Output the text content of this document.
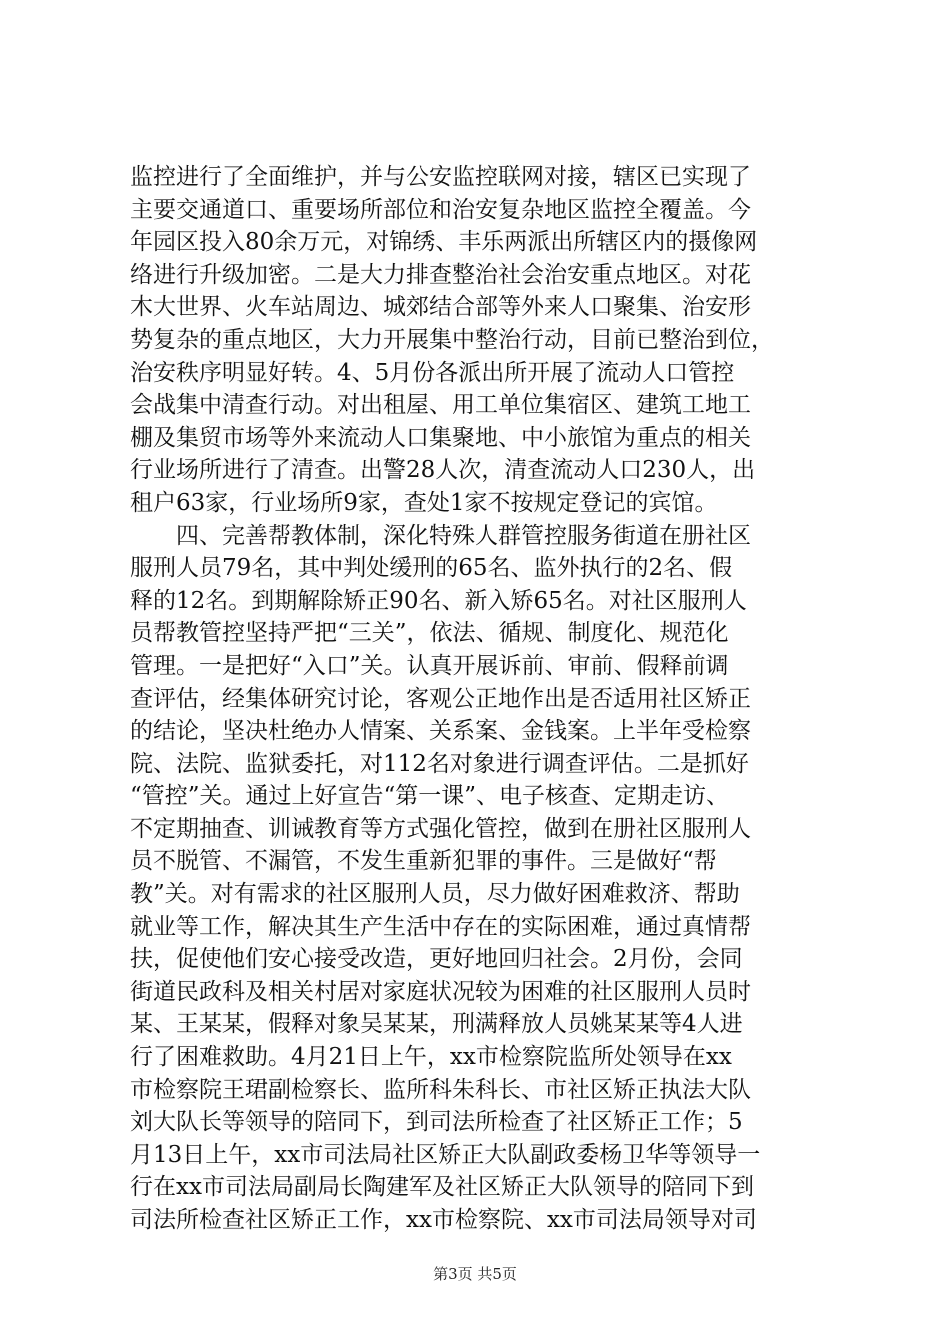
监控进行了全面维护，并与公安监控联网对接，辖区已实现了
主要交通道口、重要场所部位和治安复杂地区监控全覆盖。今
年园区投入80余万元，对锦绣、丰乐两派出所辖区内的摄像网
络进行升级加密。二是大力排查整治社会治安重点地区。对花
木大世界、火车站周边、城郊结合部等外来人口聚集、治安形
势复杂的重点地区，大力开展集中整治行动，目前已整治到位，
治安秩序明显好转。4、5月份各派出所开展了流动人口管控
会战集中清查行动。对出租屋、用工单位集宿区、建筑工地工
棚及集贸市场等外来流动人口集聚地、中小旅馆为重点的相关
行业场所进行了清查。出警28人次，清查流动人口230人，出
租户63家，行业场所9家，查处1家不按规定登记的宾馆。
　　四、完善帮教体制，深化特殊人群管控服务街道在册社区
服刑人员79名，其中判处缓刑的65名、监外执行的2名、假
释的12名。到期解除矫正90名、新入矫65名。对社区服刑人
员帮教管控坚持严把“三关”，依法、循规、制度化、规范化
管理。一是把好“入口”关。认真开展诉前、审前、假释前调
查评估，经集体研究讨论，客观公正地作出是否适用社区矫正
的结论，坚决杜绝办人情案、关系案、金钱案。上半年受检察
院、法院、监狱委托，对112名对象进行调查评估。二是抓好
“管控”关。通过上好宣告“第一课”、电子核查、定期走访、
不定期抽查、训诫教育等方式强化管控，做到在册社区服刑人
员不脱管、不漏管，不发生重新犯罪的事件。三是做好“帮
教”关。对有需求的社区服刑人员，尽力做好困难救济、帮助
就业等工作，解决其生产生活中存在的实际困难，通过真情帮
扶，促使他们安心接受改造，更好地回归社会。2月份，会同
街道民政科及相关村居对家庭状况较为困难的社区服刑人员时
某、王某某，假释对象吴某某，刑满释放人员姚某某等4人进
行了困难救助。4月21日上午，xx市检察院监所处领导在xx
市检察院王珺副检察长、监所科朱科长、市社区矫正执法大队
刘大队长等领导的陪同下，到司法所检查了社区矫正工作；5
月13日上午，xx市司法局社区矫正大队副政委杨卫华等领导一
行在xx市司法局副局长陶建军及社区矫正大队领导的陪同下到
司法所检查社区矫正工作，xx市检察院、xx市司法局领导对司
第3页 共5页
